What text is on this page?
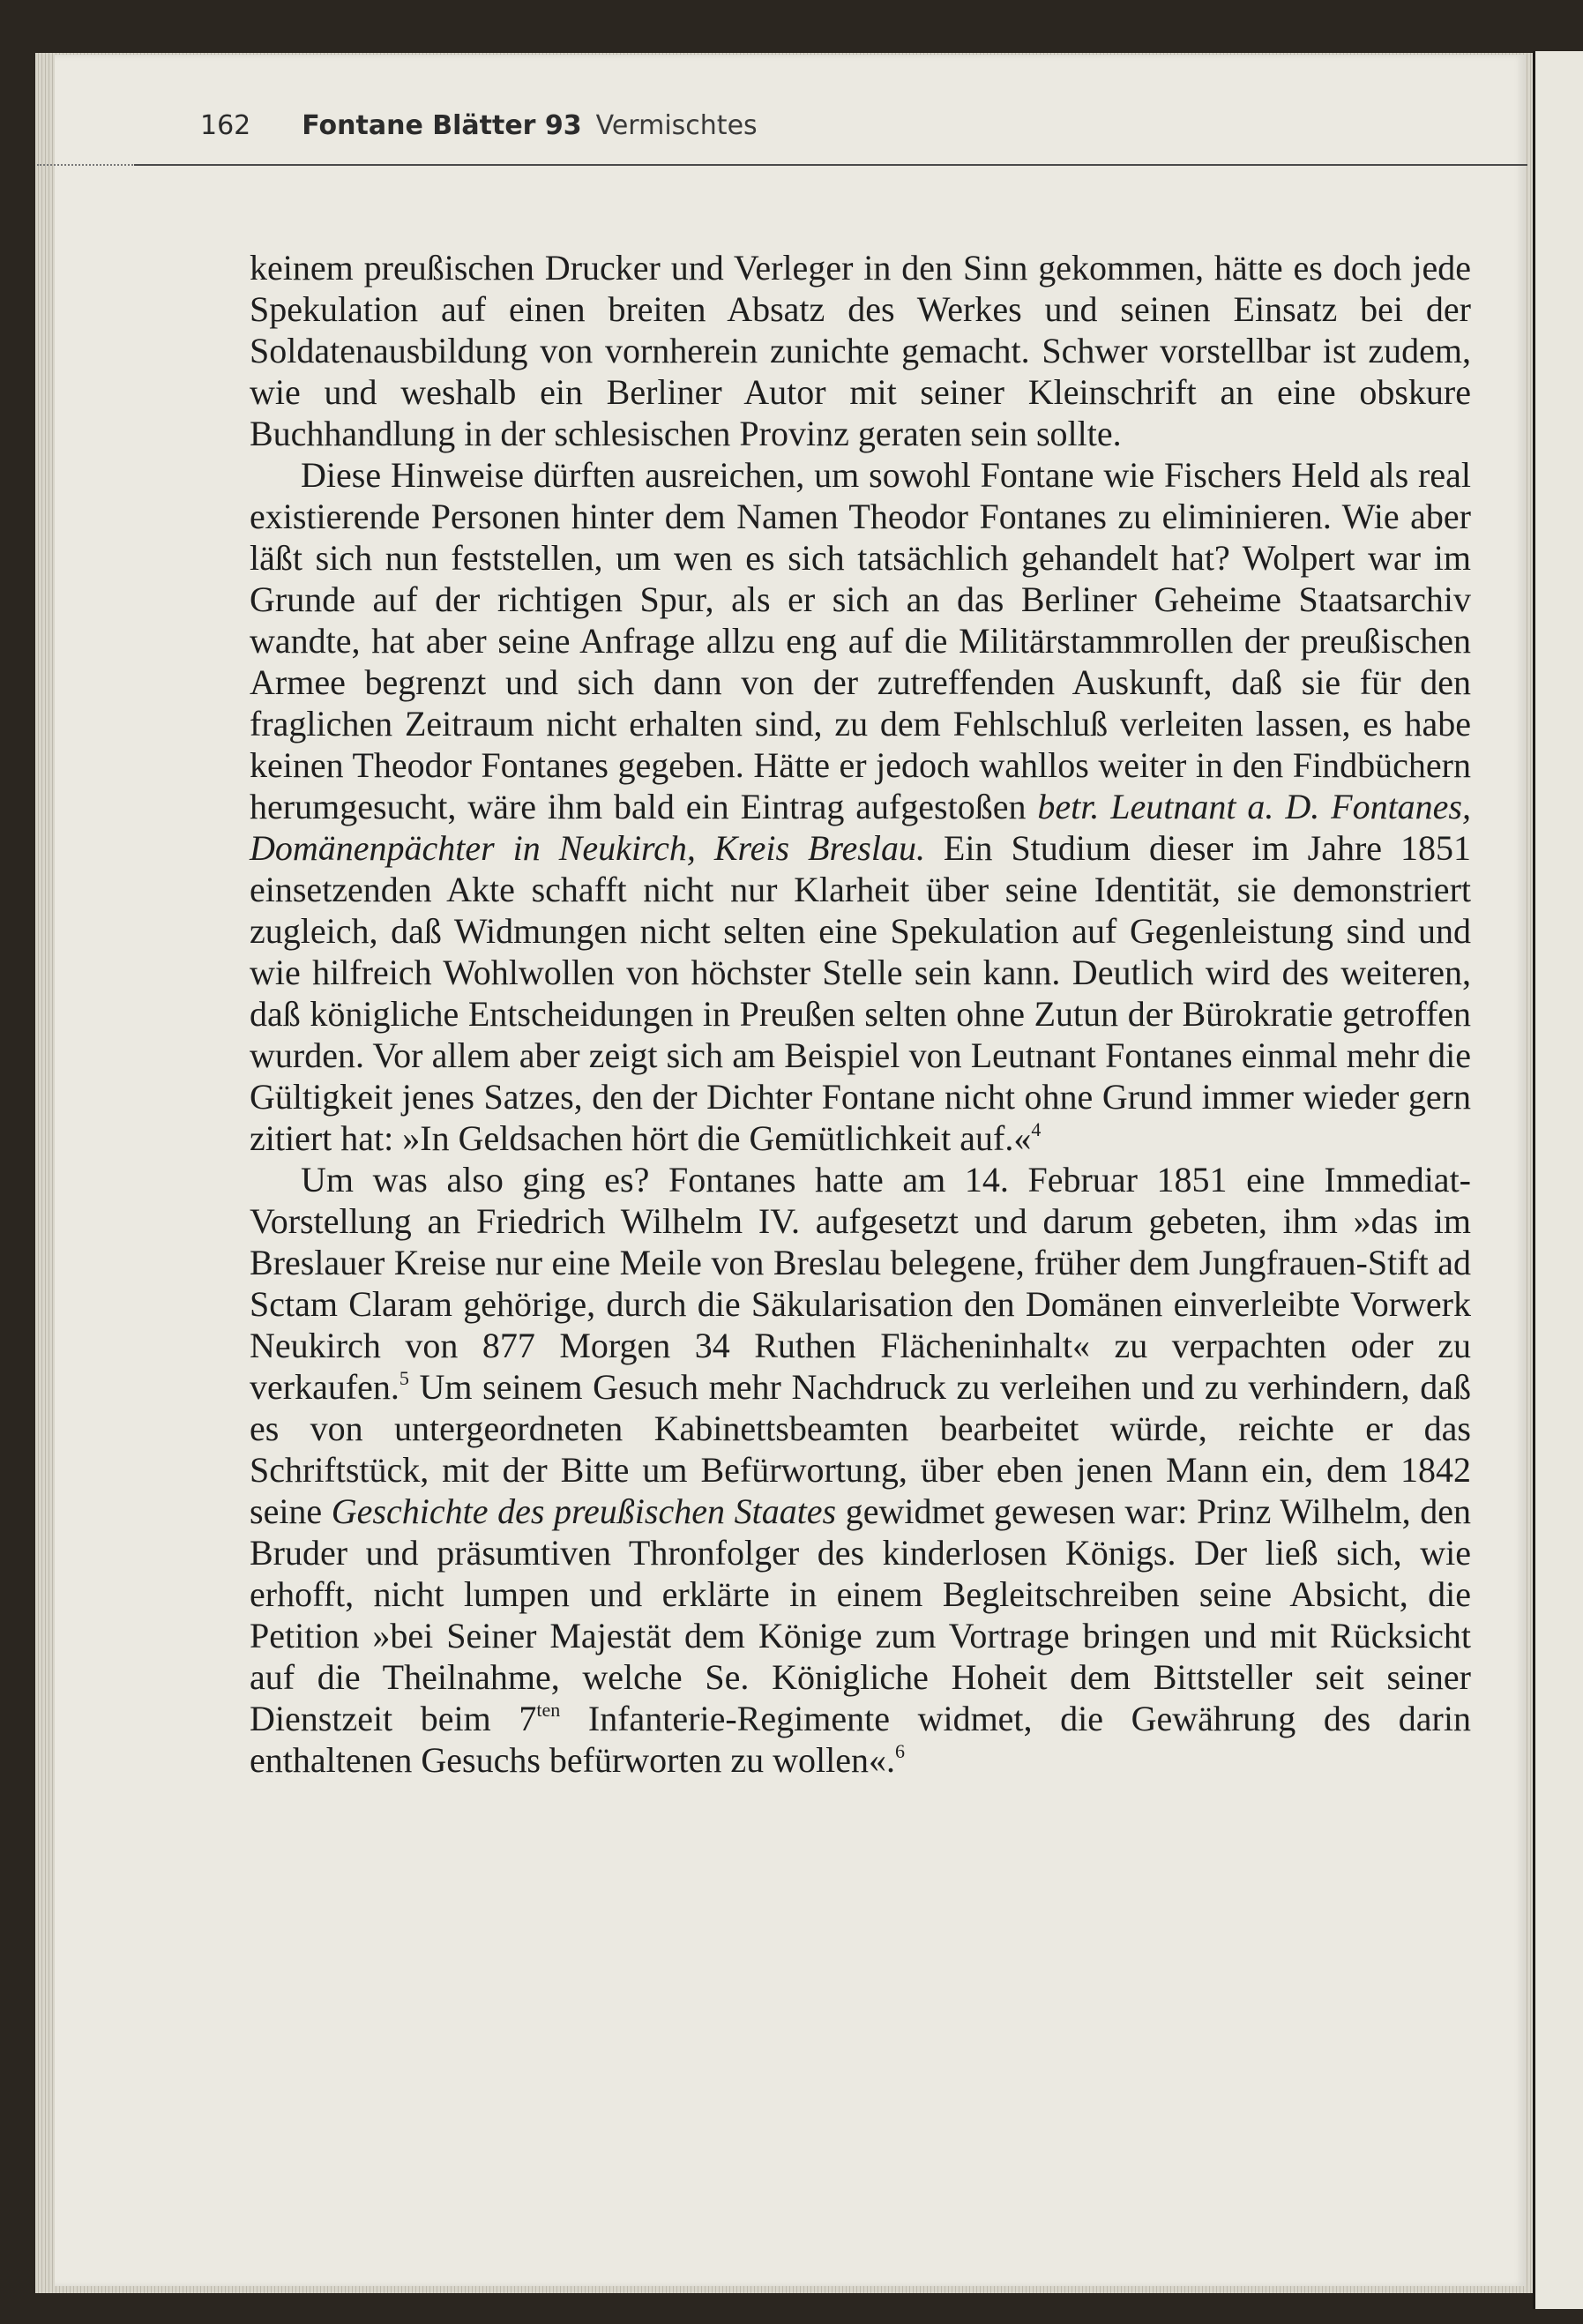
162 Fontane Blätter 93 Vermischtes

keinem preußischen Drucker und Verleger in den Sinn gekommen, hätte es doch jede Spekulation auf einen breiten Absatz des Werkes und seinen Einsatz bei der Soldatenausbildung von vornherein zunichte gemacht. Schwer vorstellbar ist zudem, wie und weshalb ein Berliner Autor mit seiner Kleinschrift an eine obskure Buchhandlung in der schlesischen Provinz geraten sein sollte.

Diese Hinweise dürften ausreichen, um sowohl Fontane wie Fischers Held als real existierende Personen hinter dem Namen Theodor Fontanes zu eliminieren. Wie aber läßt sich nun feststellen, um wen es sich tatsächlich gehandelt hat? Wolpert war im Grunde auf der richtigen Spur, als er sich an das Berliner Geheime Staatsarchiv wandte, hat aber seine Anfrage allzu eng auf die Militärstammrollen der preußischen Armee begrenzt und sich dann von der zutreffenden Auskunft, daß sie für den fraglichen Zeitraum nicht erhalten sind, zu dem Fehlschluß verleiten lassen, es habe keinen Theodor Fontanes gegeben. Hätte er jedoch wahllos weiter in den Findbüchern herumgesucht, wäre ihm bald ein Eintrag aufgestoßen betr. Leutnant a. D. Fontanes, Domänenpächter in Neukirch, Kreis Breslau. Ein Studium dieser im Jahre 1851 einsetzenden Akte schafft nicht nur Klarheit über seine Identität, sie demonstriert zugleich, daß Widmungen nicht selten eine Spekulation auf Gegenleistung sind und wie hilfreich Wohlwollen von höchster Stelle sein kann. Deutlich wird des weiteren, daß königliche Entscheidungen in Preußen selten ohne Zutun der Bürokratie getroffen wurden. Vor allem aber zeigt sich am Beispiel von Leutnant Fontanes einmal mehr die Gültigkeit jenes Satzes, den der Dichter Fontane nicht ohne Grund immer wieder gern zitiert hat: »In Geldsachen hört die Gemütlichkeit auf.«$^4$

Um was also ging es? Fontanes hatte am 14. Februar 1851 eine Immediat-Vorstellung an Friedrich Wilhelm IV. aufgesetzt und darum gebeten, ihm »das im Breslauer Kreise nur eine Meile von Breslau belegene, früher dem Jungfrauen-Stift ad Sctam Claram gehörige, durch die Säkularisation den Domänen einverleibte Vorwerk Neukirch von 877 Morgen 34 Ruthen Flächeninhalt« zu verpachten oder zu verkaufen.$^5$ Um seinem Gesuch mehr Nachdruck zu verleihen und zu verhindern, daß es von untergeordneten Kabinettsbeamten bearbeitet würde, reichte er das Schriftstück, mit der Bitte um Befürwortung, über eben jenen Mann ein, dem 1842 seine Geschichte des preußischen Staates gewidmet gewesen war: Prinz Wilhelm, den Bruder und präsumtiven Thronfolger des kinderlosen Königs. Der ließ sich, wie erhofft, nicht lumpen und erklärte in einem Begleitschreiben seine Absicht, die Petition »bei Seiner Majestät dem Könige zum Vortrage bringen und mit Rücksicht auf die Theilnahme, welche Se. Königliche Hoheit dem Bittsteller seit seiner Dienstzeit beim $7^{ten}$ Infanterie-Regimente widmet, die Gewährung des darin enthaltenen Gesuchs befürworten zu wollen«.$^6$
